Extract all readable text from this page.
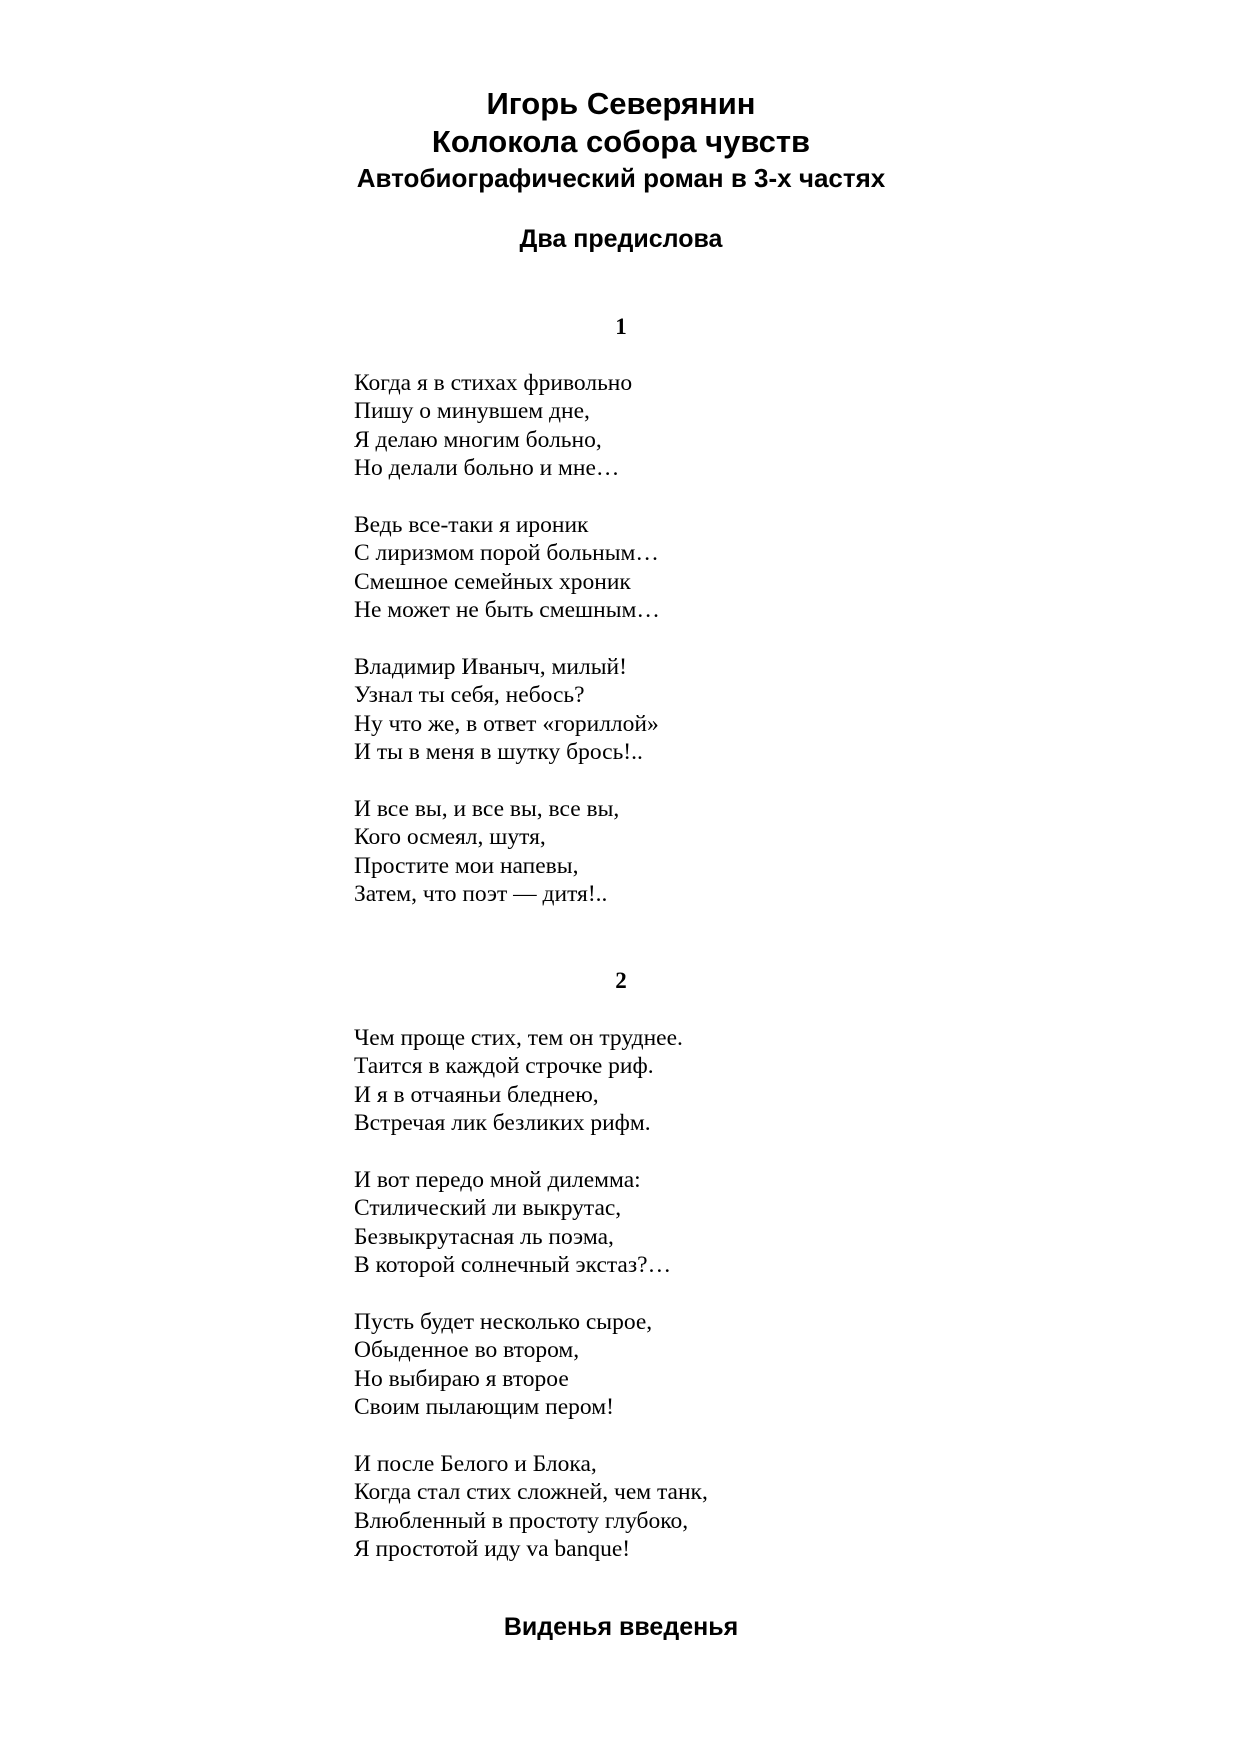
Игорь Северянин
Колокола собора чувств
Автобиографический роман в 3-х частях
Два предислова
1
Когда я в стихах фривольно
Пишу о минувшем дне,
Я делаю многим больно,
Но делали больно и мне…
Ведь все-таки я ироник
С лиризмом порой больным…
Смешное семейных хроник
Не может не быть смешным…
Владимир Иваныч, милый!
Узнал ты себя, небось?
Ну что же, в ответ «гориллой»
И ты в меня в шутку брось!..
И все вы, и все вы, все вы,
Кого осмеял, шутя,
Простите мои напевы,
Затем, что поэт — дитя!..
2
Чем проще стих, тем он труднее.
Таится в каждой строчке риф.
И я в отчаяньи бледнею,
Встречая лик безликих рифм.
И вот передо мной дилемма:
Стилический ли выкрутас,
Безвыкрутасная ль поэма,
В которой солнечный экстаз?…
Пусть будет несколько сырое,
Обыденное во втором,
Но выбираю я второе
Своим пылающим пером!
И после Белого и Блока,
Когда стал стих сложней, чем танк,
Влюбленный в простоту глубоко,
Я простотой иду va banque!
Виденья введенья
